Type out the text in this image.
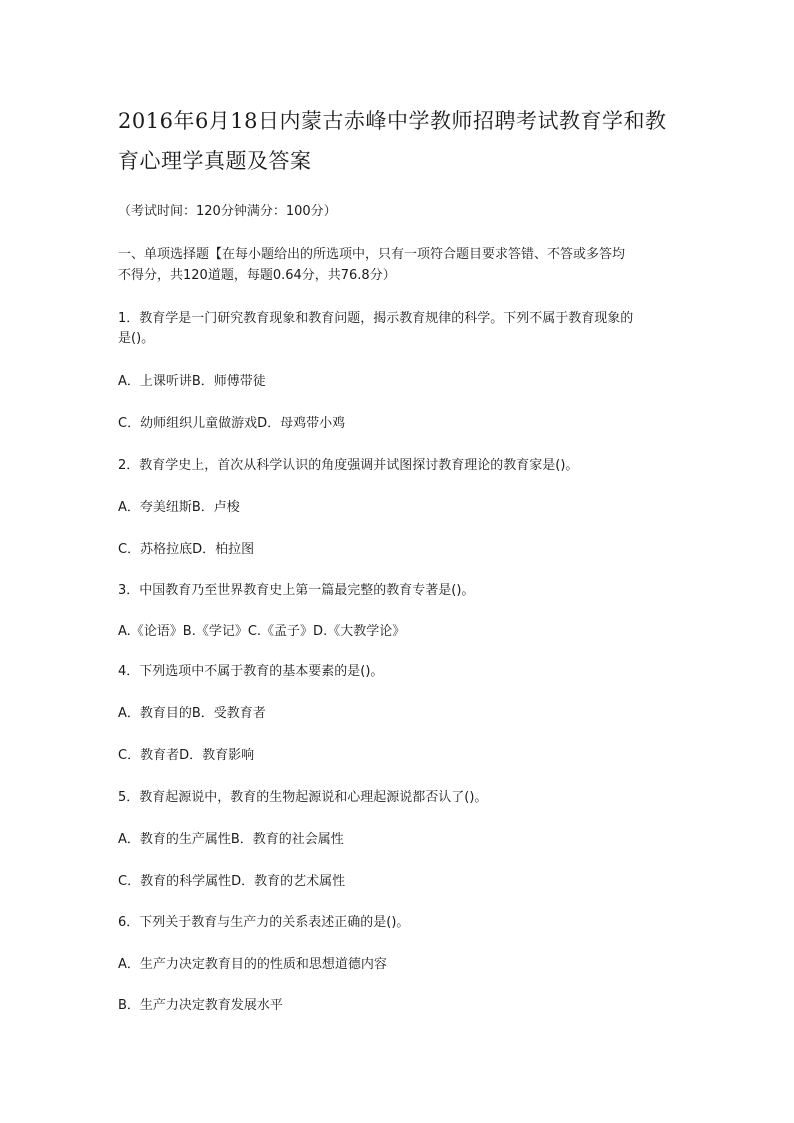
2016年6月18日内蒙古赤峰中学教师招聘考试教育学和教
育心理学真题及答案
（考试时间：120分钟满分：100分）
一、单项选择题【在每小题给出的所选项中，只有一项符合题目要求答错、不答或多答均
不得分，共120道题，每题0.64分，共76.8分）
1．教育学是一门研究教育现象和教育问题，揭示教育规律的科学。下列不属于教育现象的
是()。
A．上课听讲B．师傅带徒
C．幼师组织儿童做游戏D．母鸡带小鸡
2．教育学史上，首次从科学认识的角度强调并试图探讨教育理论的教育家是()。
A．夸美纽斯B．卢梭
C．苏格拉底D．柏拉图
3．中国教育乃至世界教育史上第一篇最完整的教育专著是()。
A.《论语》B.《学记》C.《孟子》D.《大教学论》
4．下列选项中不属于教育的基本要素的是()。
A．教育目的B．受教育者
C．教育者D．教育影响
5．教育起源说中，教育的生物起源说和心理起源说都否认了()。
A．教育的生产属性B．教育的社会属性
C．教育的科学属性D．教育的艺术属性
6．下列关于教育与生产力的关系表述正确的是()。
A．生产力决定教育目的的性质和思想道德内容
B．生产力决定教育发展水平
